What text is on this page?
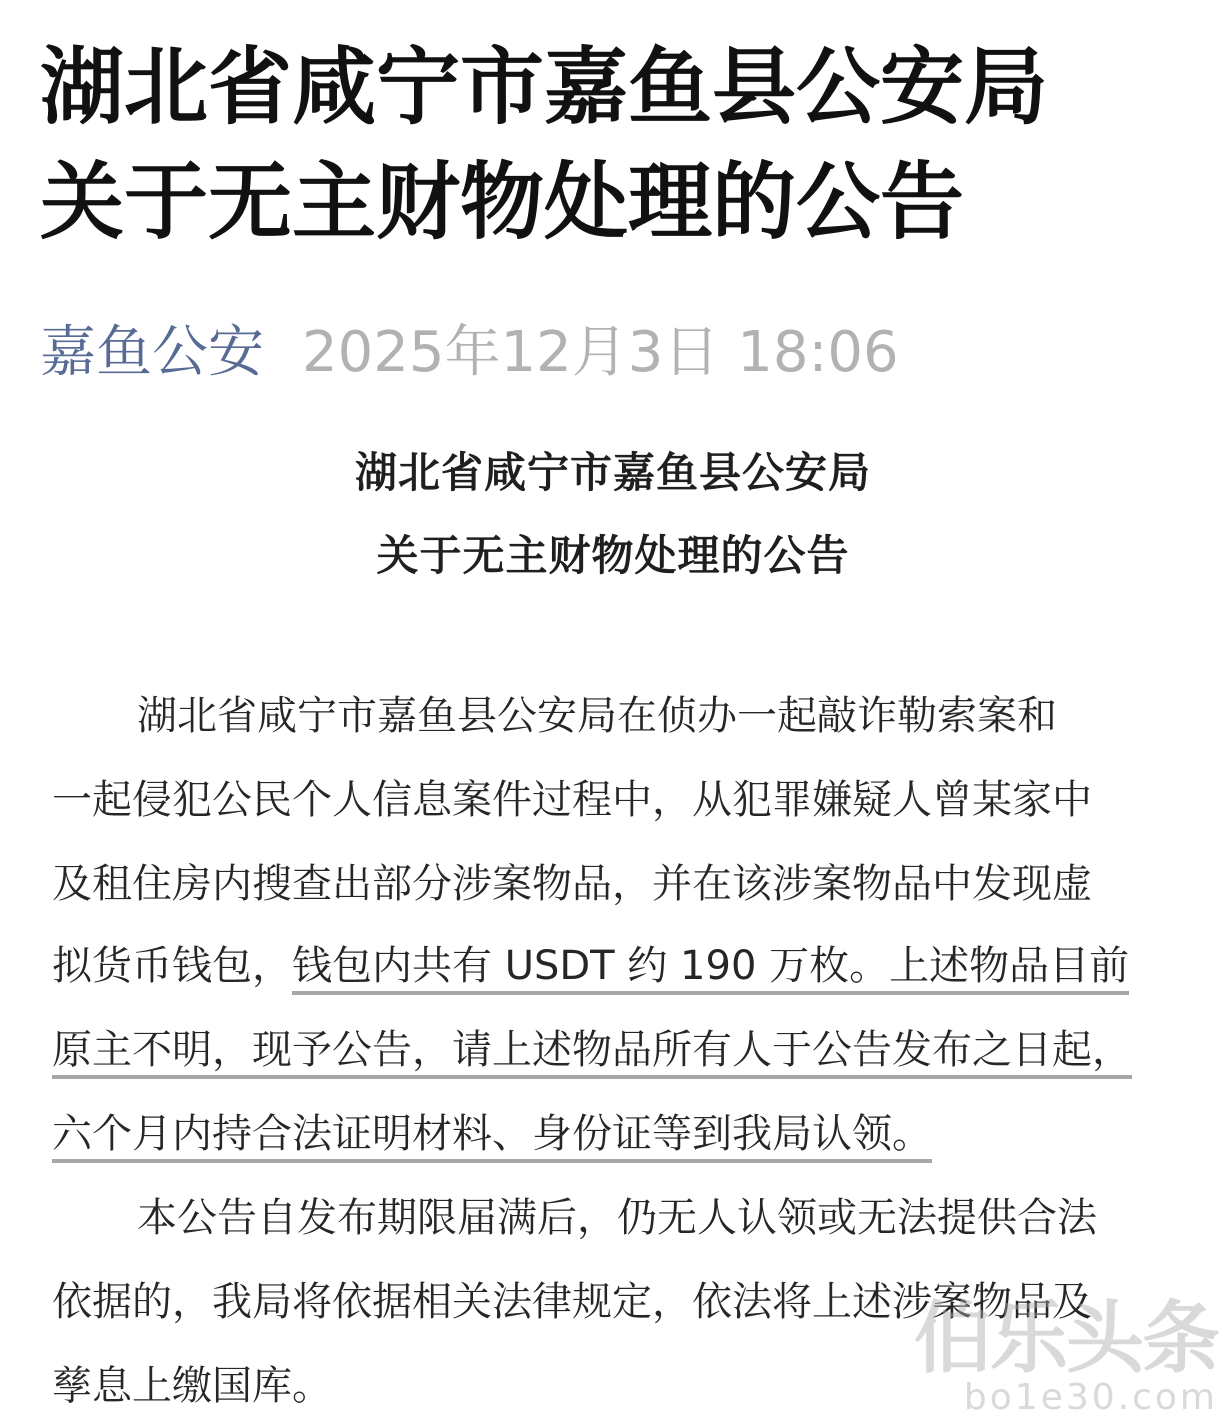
湖北省咸宁市嘉鱼县公安局
关于无主财物处理的公告
嘉鱼公安 2025年12月3日 18:06
湖北省咸宁市嘉鱼县公安局
关于无主财物处理的公告
湖北省咸宁市嘉鱼县公安局在侦办一起敲诈勒索案和
一起侵犯公民个人信息案件过程中，从犯罪嫌疑人曾某家中
及租住房内搜查出部分涉案物品，并在该涉案物品中发现虚
拟货币钱包，钱包内共有 USDT 约 190 万枚。上述物品目前
原主不明，现予公告，请上述物品所有人于公告发布之日起，
六个月内持合法证明材料、身份证等到我局认领。
本公告自发布期限届满后，仍无人认领或无法提供合法
依据的，我局将依据相关法律规定，依法将上述涉案物品及
孳息上缴国库。
伯乐头条
bo1e30.com
